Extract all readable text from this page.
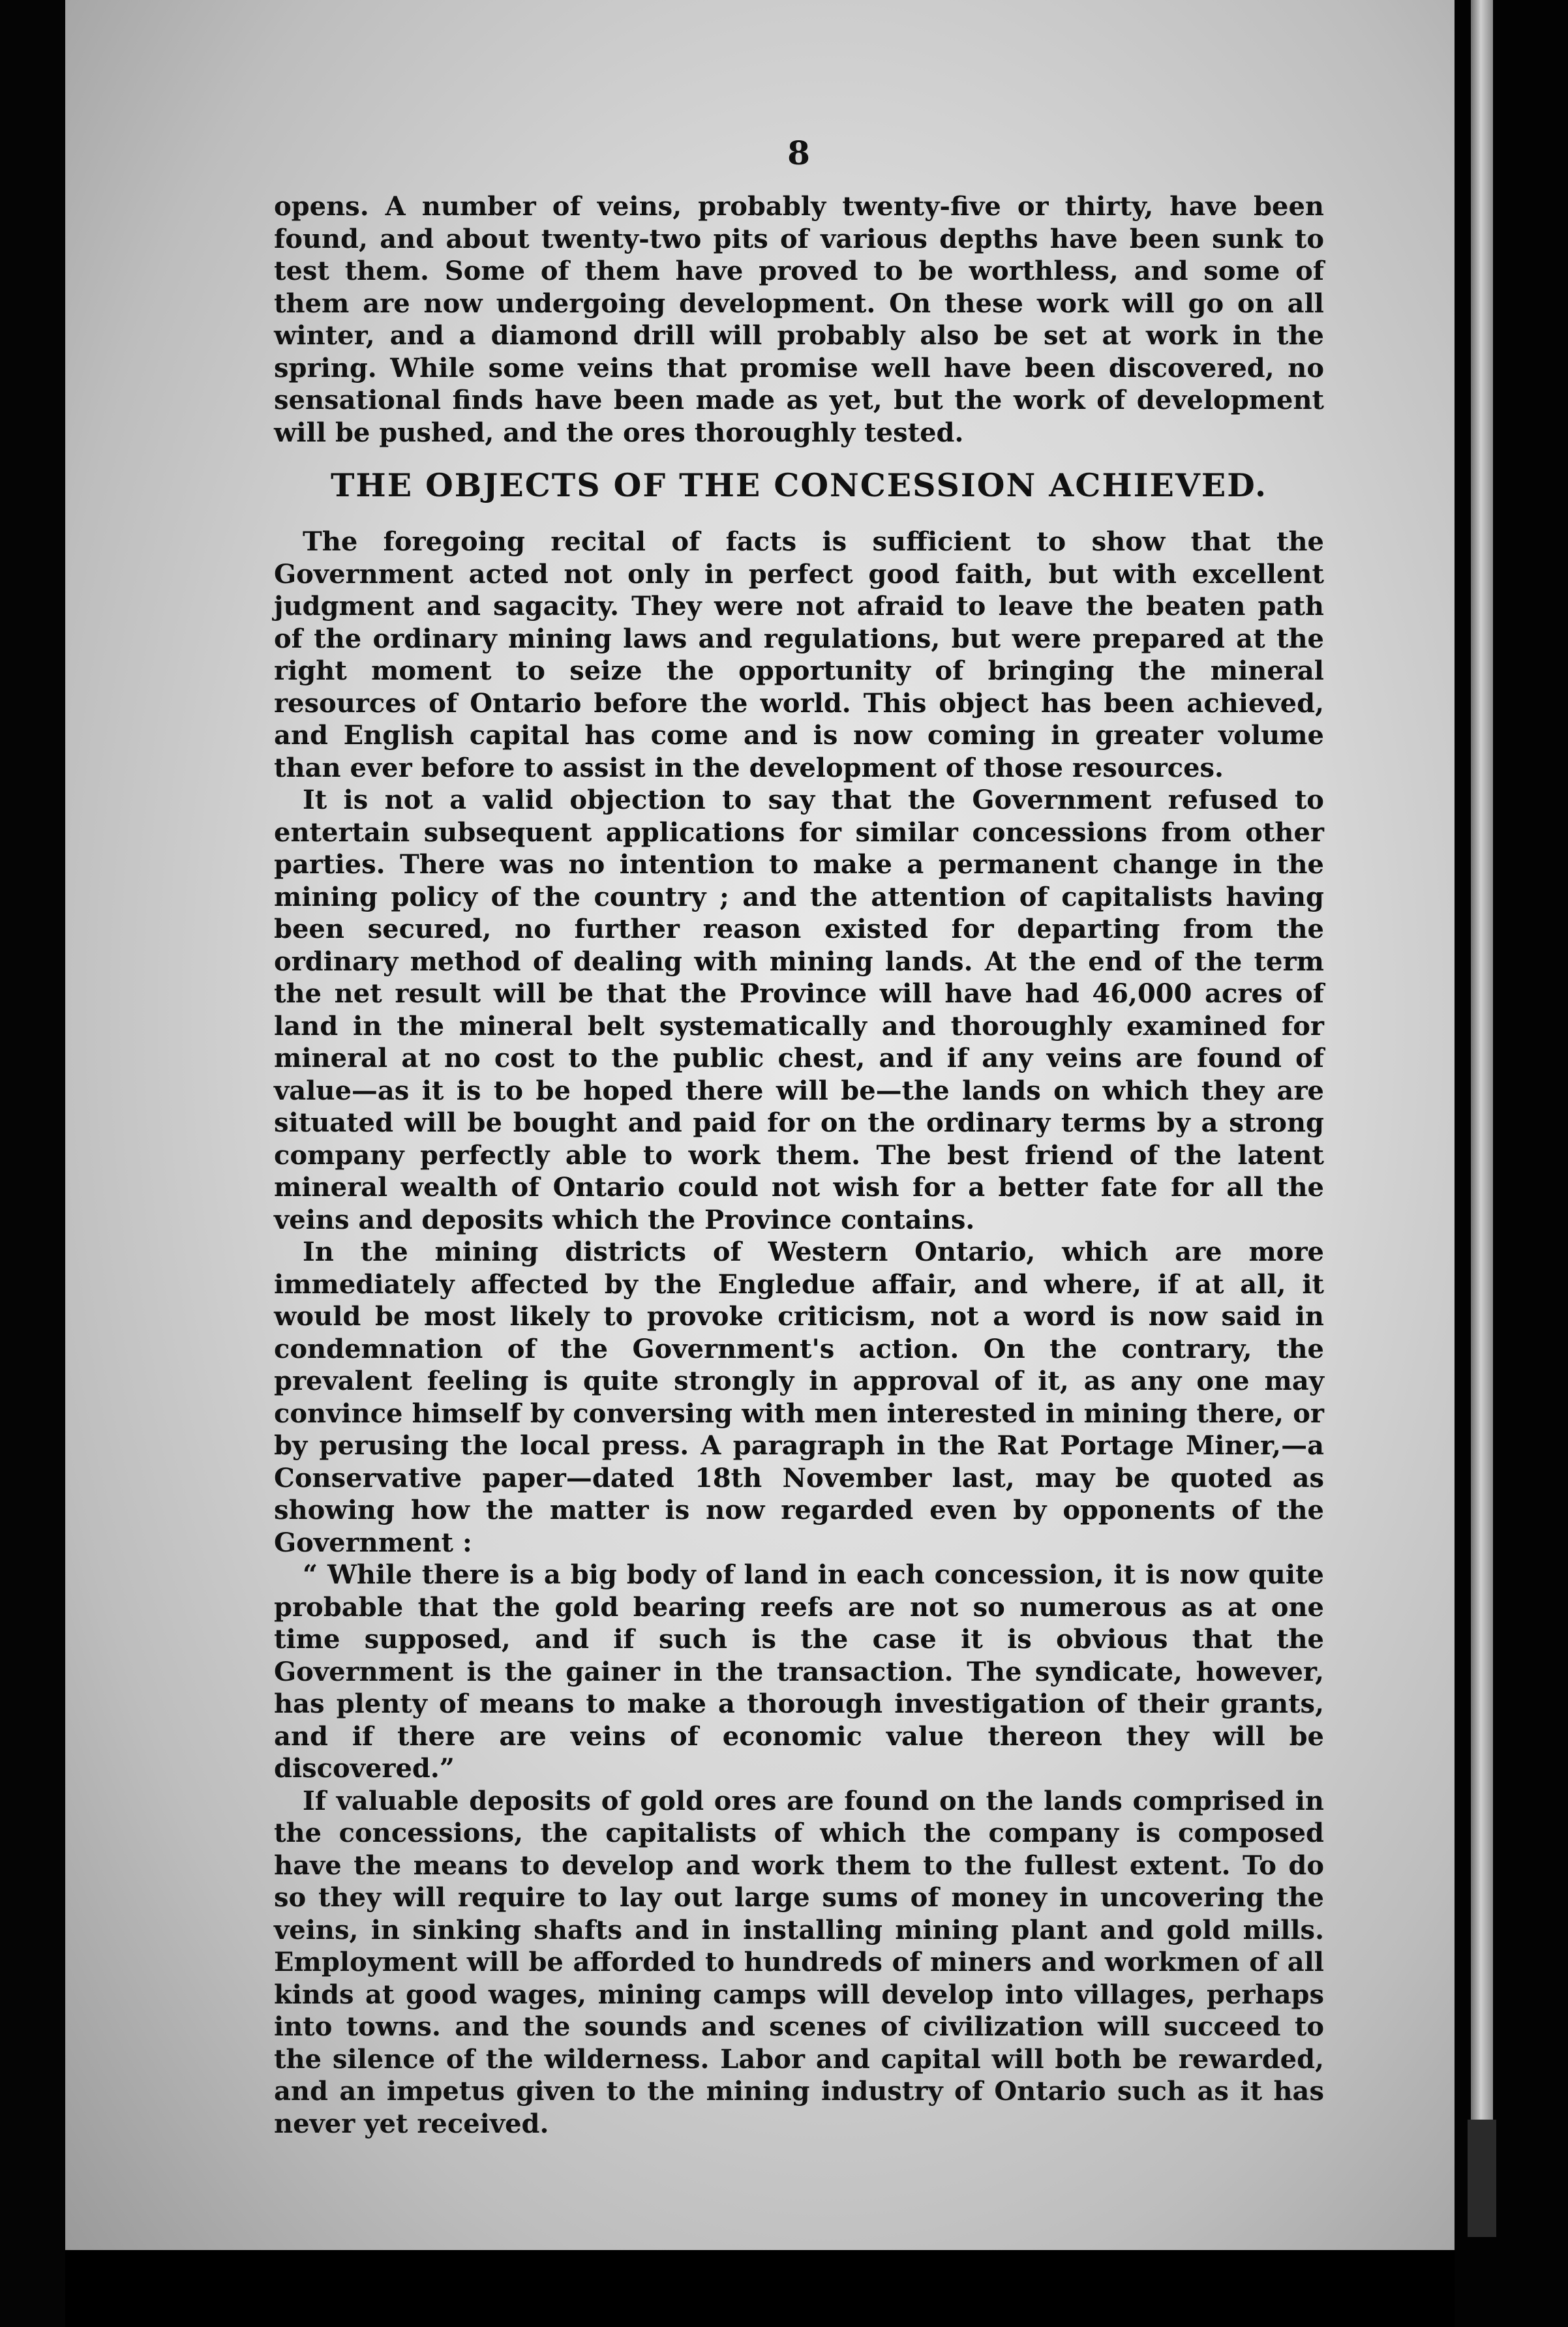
8

opens. A number of veins, probably twenty-five or thirty, have been found, and about twenty-two pits of various depths have been sunk to test them. Some of them have proved to be worthless, and some of them are now undergoing development. On these work will go on all winter, and a diamond drill will probably also be set at work in the spring. While some veins that promise well have been discovered, no sensational finds have been made as yet, but the work of development will be pushed, and the ores thoroughly tested.

THE OBJECTS OF THE CONCESSION ACHIEVED.

The foregoing recital of facts is sufficient to show that the Government acted not only in perfect good faith, but with excellent judgment and sagacity. They were not afraid to leave the beaten path of the ordinary mining laws and regulations, but were prepared at the right moment to seize the opportunity of bringing the mineral resources of Ontario before the world. This object has been achieved, and English capital has come and is now coming in greater volume than ever before to assist in the development of those resources.

It is not a valid objection to say that the Government refused to entertain subsequent applications for similar concessions from other parties. There was no intention to make a permanent change in the mining policy of the country ; and the attention of capitalists having been secured, no further reason existed for departing from the ordinary method of dealing with mining lands. At the end of the term the net result will be that the Province will have had 46,000 acres of land in the mineral belt systematically and thoroughly examined for mineral at no cost to the public chest, and if any veins are found of value—as it is to be hoped there will be—the lands on which they are situated will be bought and paid for on the ordinary terms by a strong company perfectly able to work them. The best friend of the latent mineral wealth of Ontario could not wish for a better fate for all the veins and deposits which the Province contains.

In the mining districts of Western Ontario, which are more immediately affected by the Engledue affair, and where, if at all, it would be most likely to provoke criticism, not a word is now said in condemnation of the Government's action. On the contrary, the prevalent feeling is quite strongly in approval of it, as any one may convince himself by conversing with men interested in mining there, or by perusing the local press. A paragraph in the Rat Portage Miner,—a Conservative paper—dated 18th November last, may be quoted as showing how the matter is now regarded even by opponents of the Government :

“ While there is a big body of land in each concession, it is now quite probable that the gold bearing reefs are not so numerous as at one time supposed, and if such is the case it is obvious that the Government is the gainer in the transaction. The syndicate, however, has plenty of means to make a thorough investigation of their grants, and if there are veins of economic value thereon they will be discovered.”

If valuable deposits of gold ores are found on the lands comprised in the concessions, the capitalists of which the company is composed have the means to develop and work them to the fullest extent. To do so they will require to lay out large sums of money in uncovering the veins, in sinking shafts and in installing mining plant and gold mills. Employment will be afforded to hundreds of miners and workmen of all kinds at good wages, mining camps will develop into villages, perhaps into towns. and the sounds and scenes of civilization will succeed to the silence of the wilderness. Labor and capital will both be rewarded, and an impetus given to the mining industry of Ontario such as it has never yet received.
